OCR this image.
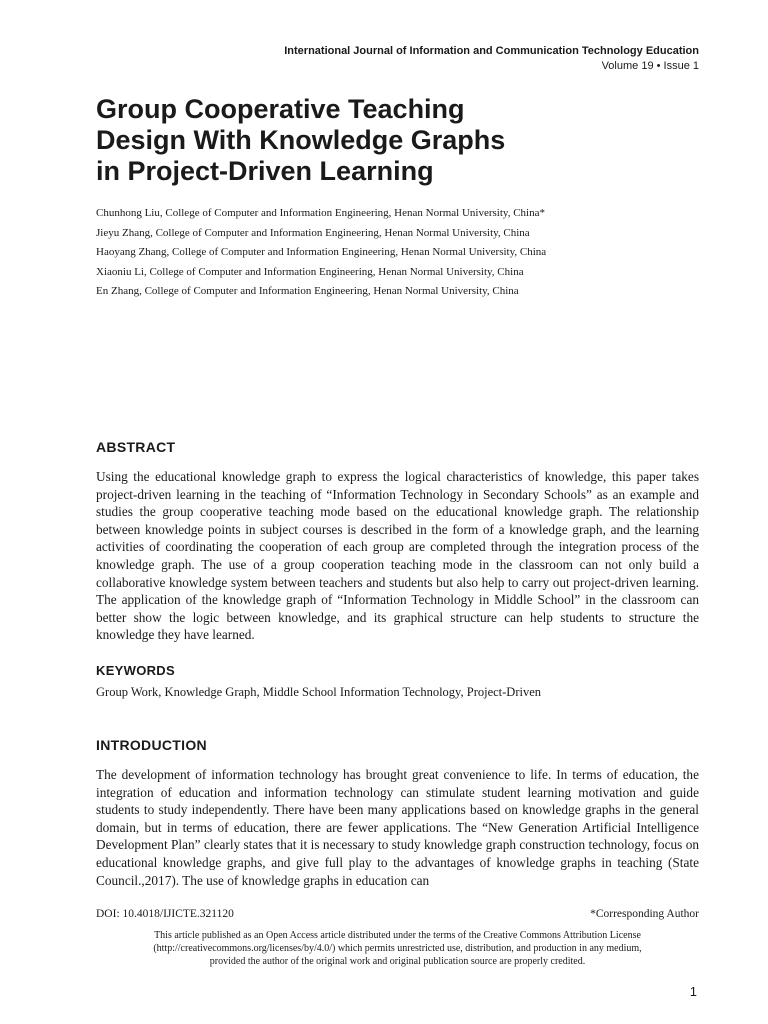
International Journal of Information and Communication Technology Education
Volume 19 • Issue 1
Group Cooperative Teaching
Design With Knowledge Graphs
in Project-Driven Learning
Chunhong Liu, College of Computer and Information Engineering, Henan Normal University, China*
Jieyu Zhang, College of Computer and Information Engineering, Henan Normal University, China
Haoyang Zhang, College of Computer and Information Engineering, Henan Normal University, China
Xiaoniu Li, College of Computer and Information Engineering, Henan Normal University, China
En Zhang, College of Computer and Information Engineering, Henan Normal University, China
ABSTRACT
Using the educational knowledge graph to express the logical characteristics of knowledge, this paper takes project-driven learning in the teaching of “Information Technology in Secondary Schools” as an example and studies the group cooperative teaching mode based on the educational knowledge graph. The relationship between knowledge points in subject courses is described in the form of a knowledge graph, and the learning activities of coordinating the cooperation of each group are completed through the integration process of the knowledge graph. The use of a group cooperation teaching mode in the classroom can not only build a collaborative knowledge system between teachers and students but also help to carry out project-driven learning. The application of the knowledge graph of “Information Technology in Middle School” in the classroom can better show the logic between knowledge, and its graphical structure can help students to structure the knowledge they have learned.
KEYWORDS
Group Work, Knowledge Graph, Middle School Information Technology, Project-Driven
INTRODUCTION
The development of information technology has brought great convenience to life. In terms of education, the integration of education and information technology can stimulate student learning motivation and guide students to study independently. There have been many applications based on knowledge graphs in the general domain, but in terms of education, there are fewer applications. The “New Generation Artificial Intelligence Development Plan” clearly states that it is necessary to study knowledge graph construction technology, focus on educational knowledge graphs, and give full play to the advantages of knowledge graphs in teaching (State Council.,2017). The use of knowledge graphs in education can
DOI: 10.4018/IJICTE.321120	*Corresponding Author
This article published as an Open Access article distributed under the terms of the Creative Commons Attribution License
(http://creativecommons.org/licenses/by/4.0/) which permits unrestricted use, distribution, and production in any medium,
provided the author of the original work and original publication source are properly credited.
1
